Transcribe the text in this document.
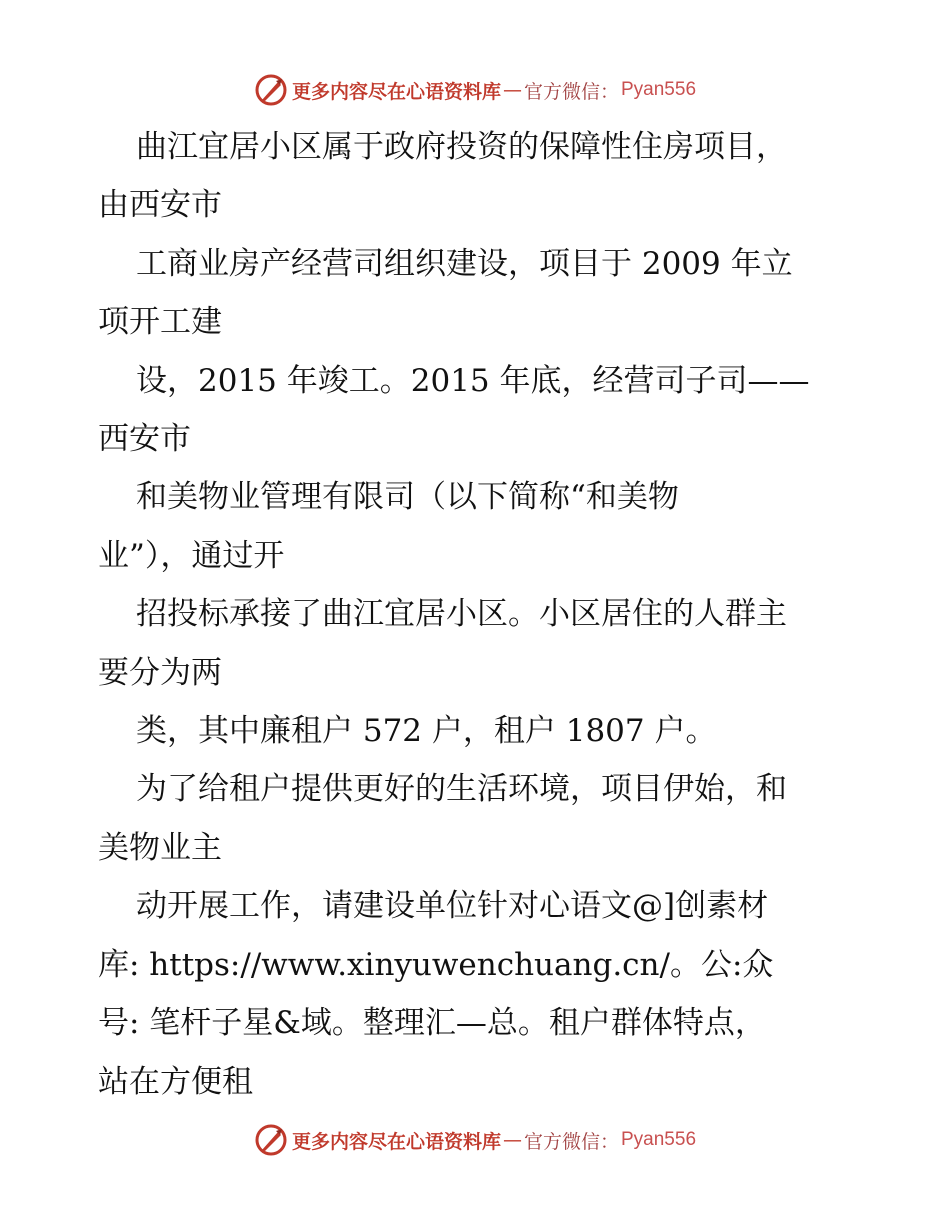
更多内容尽在心语资料库 — 官方微信： Pyan556

曲江宜居小区属于政府投资的保障性住房项目，
由西安市

工商业房产经营司组织建设，项目于 2009 年立
项开工建

设，2015 年竣工。2015 年底，经营司子司——
西安市

和美物业管理有限司（以下简称“和美物
业”），通过开

招投标承接了曲江宜居小区。小区居住的人群主
要分为两

类，其中廉租户 572 户，租户 1807 户。

为了给租户提供更好的生活环境，项目伊始，和
美物业主

动开展工作，请建设单位针对心语文@]创素材
库: https://www.xinyuwenchuang.cn/。公:众
号: 笔杆子星&域。整理汇—总。租户群体特点，
站在方便租

更多内容尽在心语资料库 — 官方微信： Pyan556
